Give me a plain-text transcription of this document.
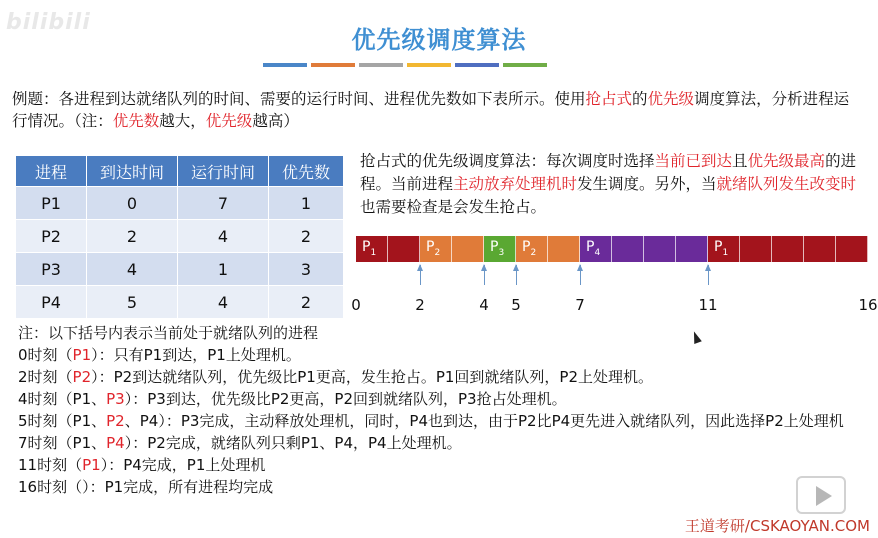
bilibili
优先级调度算法
例题：各进程到达就绪队列的时间、需要的运行时间、进程优先数如下表所示。使用抢占式的优先级调度算法，分析进程运行情况。（注：优先数越大，优先级越高）
进程	到达时间	运行时间	优先数
P1	0	7	1
P2	2	4	2
P3	4	1	3
P4	5	4	2
抢占式的优先级调度算法：每次调度时选择当前已到达且优先级最高的进程。当前进程主动放弃处理机时发生调度。另外，当就绪队列发生改变时也需要检查是会发生抢占。
$P_1$	$P_2$	$P_3$ $P_2$	$P_4$	$P_1$
0	2	4 5	7	11	16
注：以下括号内表示当前处于就绪队列的进程
0时刻（P1）：只有P1到达，P1上处理机。
2时刻（P2）：P2到达就绪队列，优先级比P1更高，发生抢占。P1回到就绪队列，P2上处理机。
4时刻（P1、P3）：P3到达，优先级比P2更高，P2回到就绪队列，P3抢占处理机。
5时刻（P1、P2、P4）：P3完成，主动释放处理机，同时，P4也到达，由于P2比P4更先进入就绪队列，因此选择P2上处理机
7时刻（P1、P4）：P2完成，就绪队列只剩P1、P4，P4上处理机。
11时刻（P1）：P4完成，P1上处理机
16时刻（）：P1完成，所有进程均完成
王道考研/CSKAOYAN.COM
